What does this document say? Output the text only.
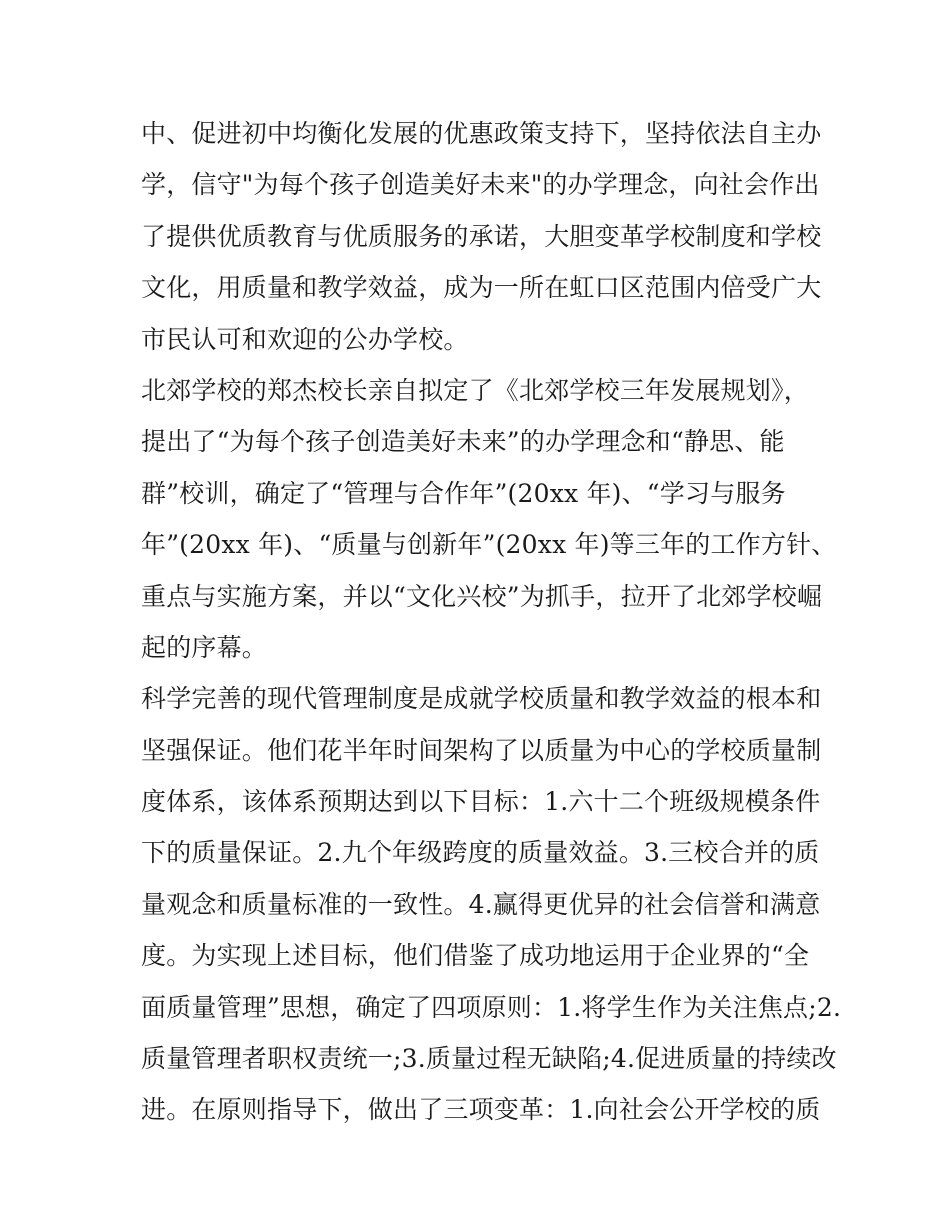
中、促进初中均衡化发展的优惠政策支持下，坚持依法自主办
学，信守"为每个孩子创造美好未来"的办学理念，向社会作出
了提供优质教育与优质服务的承诺，大胆变革学校制度和学校
文化，用质量和教学效益，成为一所在虹口区范围内倍受广大
市民认可和欢迎的公办学校。
北郊学校的郑杰校长亲自拟定了《北郊学校三年发展规划》，
提出了“为每个孩子创造美好未来”的办学理念和“静思、能
群”校训，确定了“管理与合作年”(20xx 年)、“学习与服务
年”(20xx 年)、“质量与创新年”(20xx 年)等三年的工作方针、
重点与实施方案，并以“文化兴校”为抓手，拉开了北郊学校崛
起的序幕。
科学完善的现代管理制度是成就学校质量和教学效益的根本和
坚强保证。他们花半年时间架构了以质量为中心的学校质量制
度体系，该体系预期达到以下目标：1.六十二个班级规模条件
下的质量保证。2.九个年级跨度的质量效益。3.三校合并的质
量观念和质量标准的一致性。4.赢得更优异的社会信誉和满意
度。为实现上述目标，他们借鉴了成功地运用于企业界的“全
面质量管理”思想，确定了四项原则：1.将学生作为关注焦点;2.
质量管理者职权责统一;3.质量过程无缺陷;4.促进质量的持续改
进。在原则指导下，做出了三项变革：1.向社会公开学校的质
